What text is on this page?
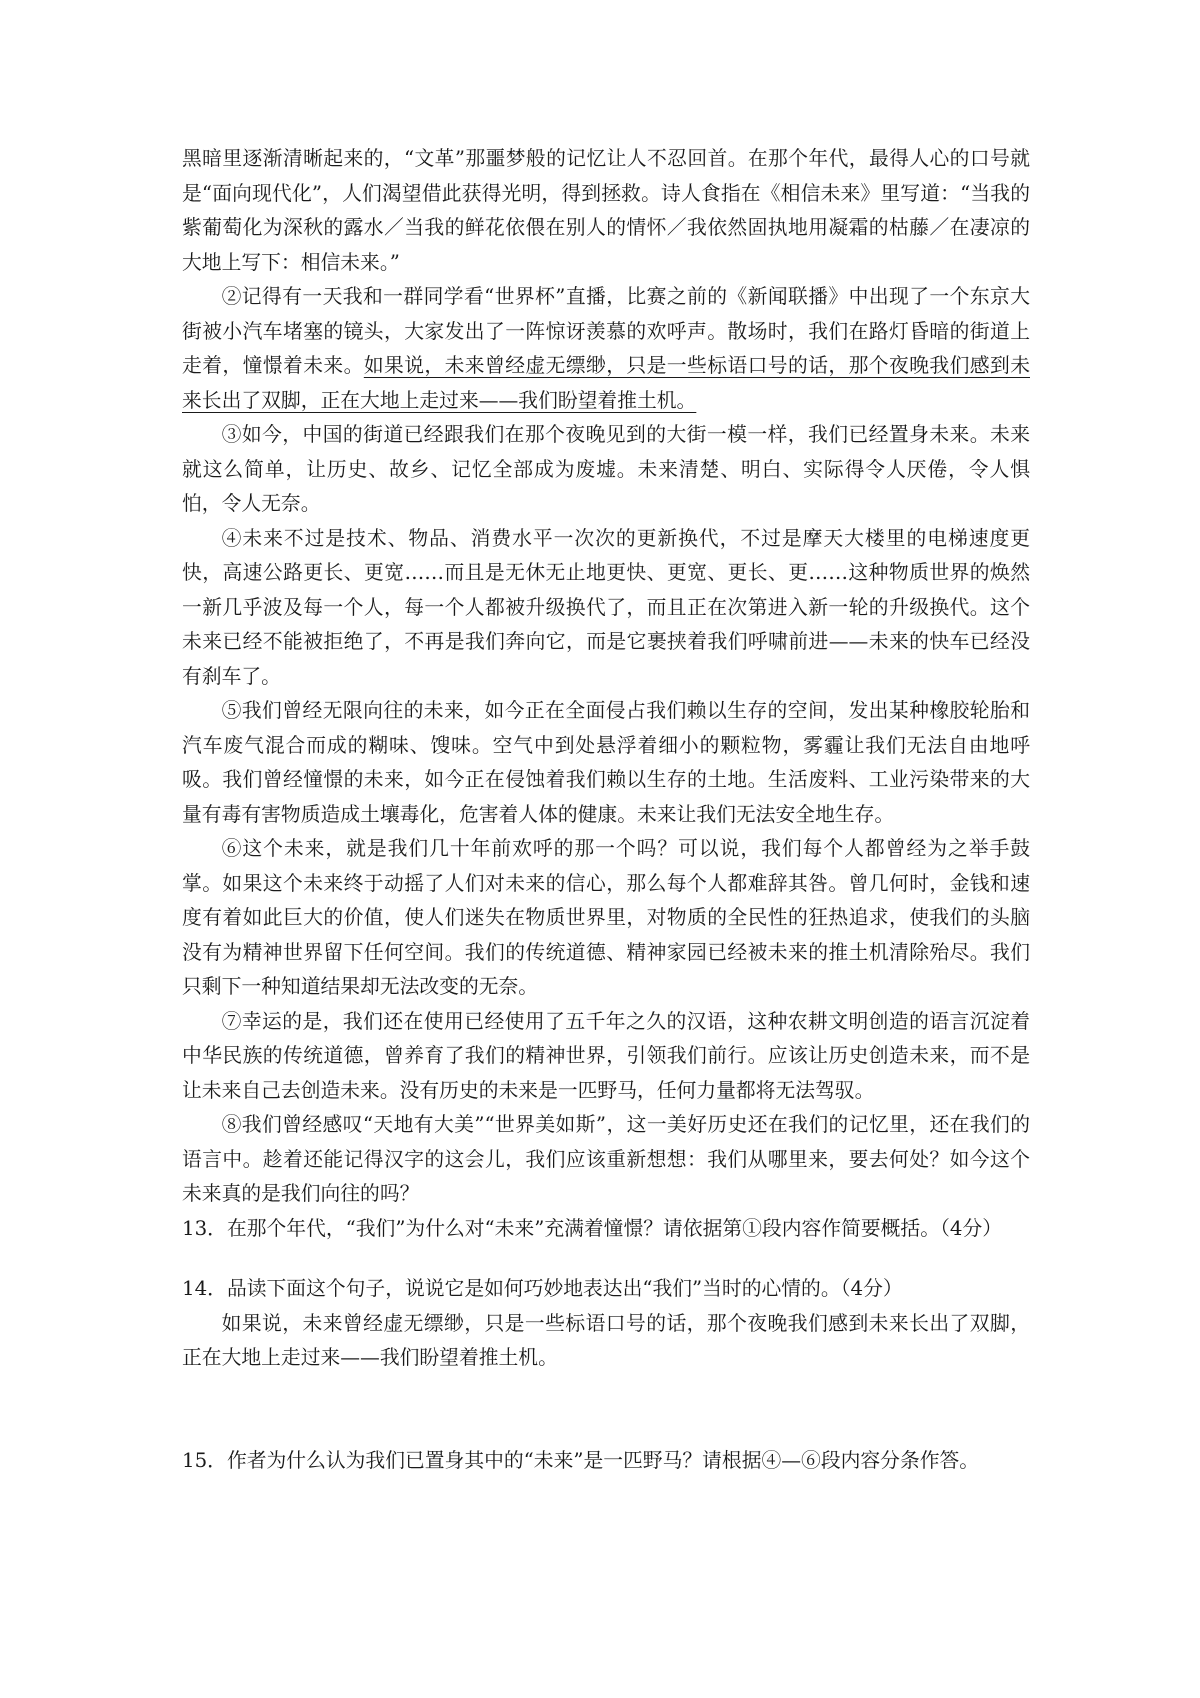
黑暗里逐渐清晰起来的，“文革”那噩梦般的记忆让人不忍回首。在那个年代，最得人心的口号就是“面向现代化”，人们渴望借此获得光明，得到拯救。诗人食指在《相信未来》里写道：“当我的紫葡萄化为深秋的露水／当我的鲜花依偎在别人的情怀／我依然固执地用凝霜的枯藤／在凄凉的大地上写下：相信未来。”

②记得有一天我和一群同学看“世界杯”直播，比赛之前的《新闻联播》中出现了一个东京大街被小汽车堵塞的镜头，大家发出了一阵惊讶羡慕的欢呼声。散场时，我们在路灯昏暗的街道上走着，憧憬着未来。如果说，未来曾经虚无缥缈，只是一些标语口号的话，那个夜晚我们感到未来长出了双脚，正在大地上走过来——我们盼望着推土机。

③如今，中国的街道已经跟我们在那个夜晚见到的大街一模一样，我们已经置身未来。未来就这么简单，让历史、故乡、记忆全部成为废墟。未来清楚、明白、实际得令人厌倦，令人惧怕，令人无奈。

④未来不过是技术、物品、消费水平一次次的更新换代，不过是摩天大楼里的电梯速度更快，高速公路更长、更宽……而且是无休无止地更快、更宽、更长、更……这种物质世界的焕然一新几乎波及每一个人，每一个人都被升级换代了，而且正在次第进入新一轮的升级换代。这个未来已经不能被拒绝了，不再是我们奔向它，而是它裹挟着我们呼啸前进——未来的快车已经没有刹车了。

⑤我们曾经无限向往的未来，如今正在全面侵占我们赖以生存的空间，发出某种橡胶轮胎和汽车废气混合而成的糊味、馊味。空气中到处悬浮着细小的颗粒物，雾霾让我们无法自由地呼吸。我们曾经憧憬的未来，如今正在侵蚀着我们赖以生存的土地。生活废料、工业污染带来的大量有毒有害物质造成土壤毒化，危害着人体的健康。未来让我们无法安全地生存。

⑥这个未来，就是我们几十年前欢呼的那一个吗？可以说，我们每个人都曾经为之举手鼓掌。如果这个未来终于动摇了人们对未来的信心，那么每个人都难辞其咎。曾几何时，金钱和速度有着如此巨大的价值，使人们迷失在物质世界里，对物质的全民性的狂热追求，使我们的头脑没有为精神世界留下任何空间。我们的传统道德、精神家园已经被未来的推土机清除殆尽。我们只剩下一种知道结果却无法改变的无奈。

⑦幸运的是，我们还在使用已经使用了五千年之久的汉语，这种农耕文明创造的语言沉淀着中华民族的传统道德，曾养育了我们的精神世界，引领我们前行。应该让历史创造未来，而不是让未来自己去创造未来。没有历史的未来是一匹野马，任何力量都将无法驾驭。

⑧我们曾经感叹“天地有大美”“世界美如斯”，这一美好历史还在我们的记忆里，还在我们的语言中。趁着还能记得汉字的这会儿，我们应该重新想想：我们从哪里来，要去何处？如今这个未来真的是我们向往的吗？

13．在那个年代，“我们”为什么对“未来”充满着憧憬？请依据第①段内容作简要概括。（4分）

14．品读下面这个句子，说说它是如何巧妙地表达出“我们”当时的心情的。（4分）

如果说，未来曾经虚无缥缈，只是一些标语口号的话，那个夜晚我们感到未来长出了双脚，正在大地上走过来——我们盼望着推土机。

15．作者为什么认为我们已置身其中的“未来”是一匹野马？请根据④—⑥段内容分条作答。
